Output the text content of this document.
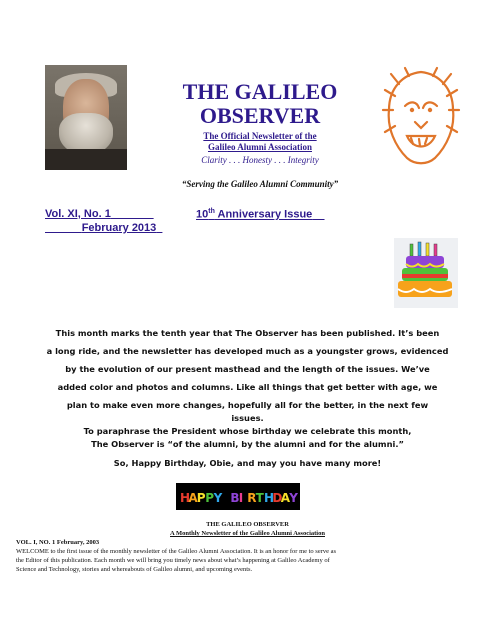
THE GALILEO
OBSERVER
The Official Newsletter of the
Galileo Alumni Association
Clarity . . . Honesty . . . Integrity
“Serving the Galileo Alumni Community”
Vol. XI, No. 1	10th Anniversary Issue
February 2013
This month marks the tenth year that The Observer has been published. It’s been
a long ride, and the newsletter has developed much as a youngster grows, evidenced
by the evolution of our present masthead and the length of the issues. We’ve
added color and photos and columns. Like all things that get better with age, we
plan to make even more changes, hopefully all for the better, in the next few
issues.
To paraphrase the President whose birthday we celebrate this month,
The Observer is “of the alumni, by the alumni and for the alumni.”
So, Happy Birthday, Obie, and may you have many more!
H
A P P Y B I R T H
D
A Y
THE GALILEO OBSERVER
A Monthly Newsletter of the Galileo Alumni Association
VOL. I, NO. 1 February, 2003
WELCOME to the first issue of the monthly newsletter of the Galileo Alumni Association. It is an honor for me to serve as
the Editor of this publication. Each month we will bring you timely news about what’s happening at Galileo Academy of
Science and Technology, stories and whereabouts of Galileo alumni, and upcoming events.
